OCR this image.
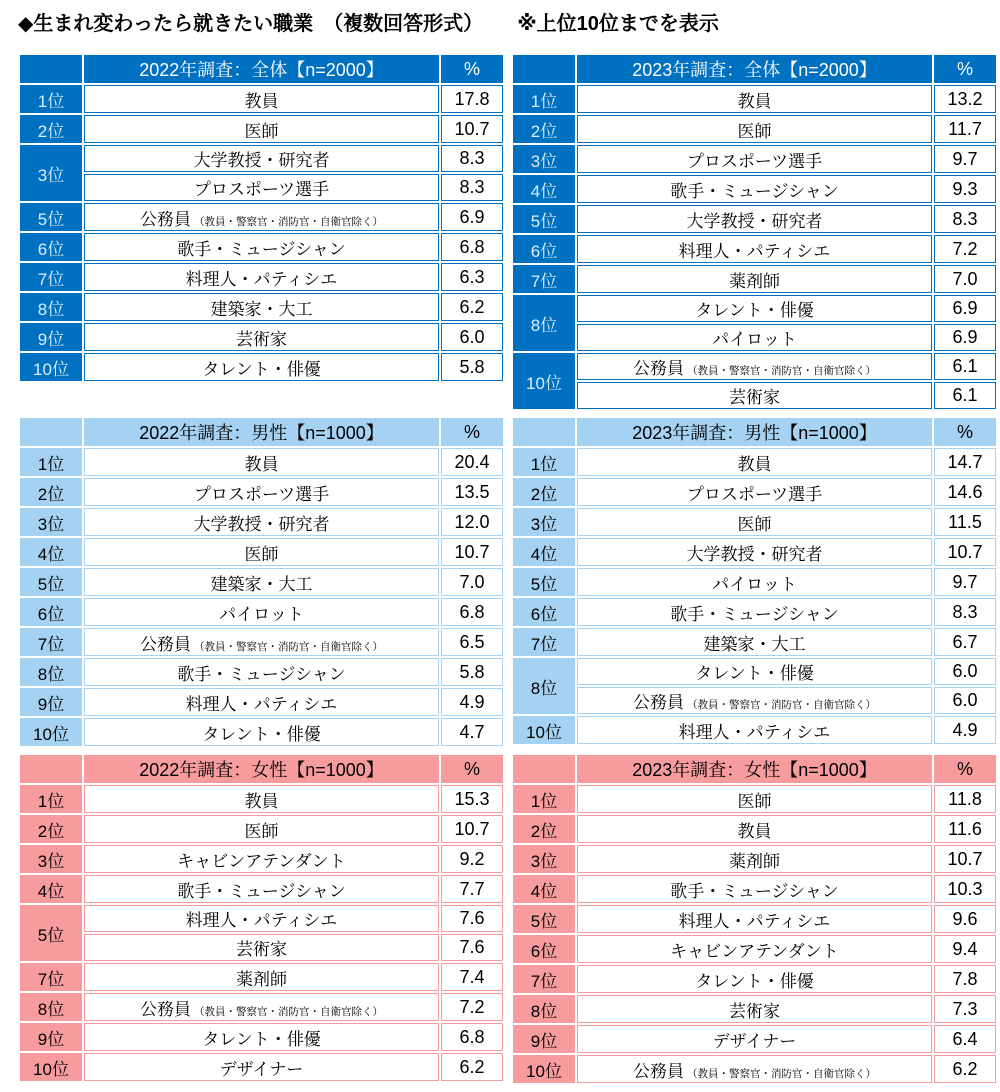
◆生まれ変わったら就きたい職業 （複数回答形式） ※上位10位までを表示
	2022年調査：全体【n=2000】	%
1位	教員	17.8
2位	医師	10.7
3位	大学教授・研究者	8.3
	プロスポーツ選手	8.3
5位	公務員 （教員・警察官・消防官・自衛官除く）	6.9
6位	歌手・ミュージシャン	6.8
7位	料理人・パティシエ	6.3
8位	建築家・大工	6.2
9位	芸術家	6.0
10位	タレント・俳優	5.8
	2023年調査：全体【n=2000】	%
1位	教員	13.2
2位	医師	11.7
3位	プロスポーツ選手	9.7
4位	歌手・ミュージシャン	9.3
5位	大学教授・研究者	8.3
6位	料理人・パティシエ	7.2
7位	薬剤師	7.0
8位	タレント・俳優	6.9
	パイロット	6.9
10位	公務員 （教員・警察官・消防官・自衛官除く）	6.1
	芸術家	6.1
	2022年調査：男性【n=1000】	%
1位	教員	20.4
2位	プロスポーツ選手	13.5
3位	大学教授・研究者	12.0
4位	医師	10.7
5位	建築家・大工	7.0
6位	パイロット	6.8
7位	公務員 （教員・警察官・消防官・自衛官除く）	6.5
8位	歌手・ミュージシャン	5.8
9位	料理人・パティシエ	4.9
10位	タレント・俳優	4.7
	2023年調査：男性【n=1000】	%
1位	教員	14.7
2位	プロスポーツ選手	14.6
3位	医師	11.5
4位	大学教授・研究者	10.7
5位	パイロット	9.7
6位	歌手・ミュージシャン	8.3
7位	建築家・大工	6.7
8位	タレント・俳優	6.0
	公務員 （教員・警察官・消防官・自衛官除く）	6.0
10位	料理人・パティシエ	4.9
	2022年調査：女性【n=1000】	%
1位	教員	15.3
2位	医師	10.7
3位	キャビンアテンダント	9.2
4位	歌手・ミュージシャン	7.7
5位	料理人・パティシエ	7.6
	芸術家	7.6
7位	薬剤師	7.4
8位	公務員 （教員・警察官・消防官・自衛官除く）	7.2
9位	タレント・俳優	6.8
10位	デザイナー	6.2
	2023年調査：女性【n=1000】	%
1位	医師	11.8
2位	教員	11.6
3位	薬剤師	10.7
4位	歌手・ミュージシャン	10.3
5位	料理人・パティシエ	9.6
6位	キャビンアテンダント	9.4
7位	タレント・俳優	7.8
8位	芸術家	7.3
9位	デザイナー	6.4
10位	公務員 （教員・警察官・消防官・自衛官除く）	6.2
